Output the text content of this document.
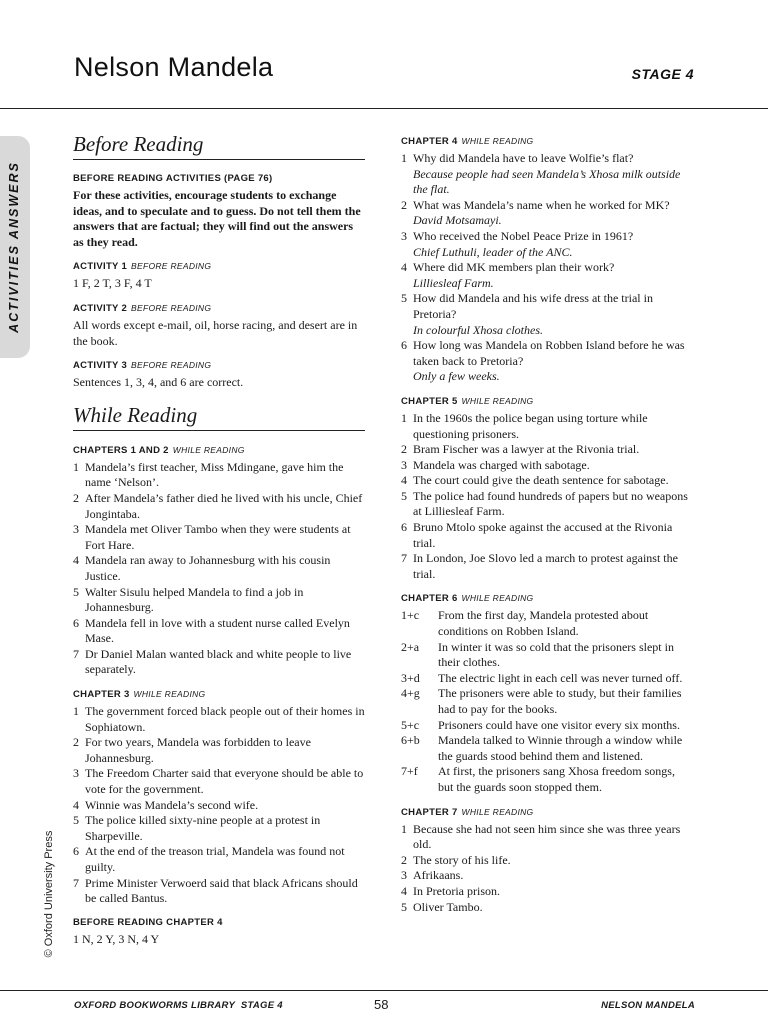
Nelson Mandela	STAGE 4
ACTIVITIES ANSWERS
© Oxford University Press
Before Reading
BEFORE READING ACTIVITIES (PAGE 76)

For these activities, encourage students to exchange ideas, and to speculate and to guess. Do not tell them the answers that are factual; they will find out the answers as they read.

ACTIVITY 1 BEFORE READING

1 F, 2 T, 3 F, 4 T

ACTIVITY 2 BEFORE READING

All words except e-mail, oil, horse racing, and desert are in the book.

ACTIVITY 3 BEFORE READING

Sentences 1, 3, 4, and 6 are correct.

While Reading
CHAPTERS 1 AND 2 WHILE READING
1 Mandela’s first teacher, Miss Mdingane, gave him the name ‘Nelson’.
2 After Mandela’s father died he lived with his uncle, Chief Jongintaba.
3 Mandela met Oliver Tambo when they were students at Fort Hare.
4 Mandela ran away to Johannesburg with his cousin Justice.
5 Walter Sisulu helped Mandela to find a job in Johannesburg.
6 Mandela fell in love with a student nurse called Evelyn Mase.
7 Dr Daniel Malan wanted black and white people to live separately.
CHAPTER 3 WHILE READING
1 The government forced black people out of their homes in Sophiatown.
2 For two years, Mandela was forbidden to leave Johannesburg.
3 The Freedom Charter said that everyone should be able to vote for the government.
4 Winnie was Mandela’s second wife.
5 The police killed sixty-nine people at a protest in Sharpeville.
6 At the end of the treason trial, Mandela was found not guilty.
7 Prime Minister Verwoerd said that black Africans should be called Bantus.
BEFORE READING CHAPTER 4

1 N, 2 Y, 3 N, 4 Y

CHAPTER 4 WHILE READING
1 Why did Mandela have to leave Wolfie’s flat?
Because people had seen Mandela’s Xhosa milk outside the flat.
2 What was Mandela’s name when he worked for MK?
David Motsamayi.
3 Who received the Nobel Peace Prize in 1961?
Chief Luthuli, leader of the ANC.
4 Where did MK members plan their work?
Lilliesleaf Farm.
5 How did Mandela and his wife dress at the trial in Pretoria?
In colourful Xhosa clothes.
6 How long was Mandela on Robben Island before he was taken back to Pretoria?
Only a few weeks.
CHAPTER 5 WHILE READING
1 In the 1960s the police began using torture while questioning prisoners.
2 Bram Fischer was a lawyer at the Rivonia trial.
3 Mandela was charged with sabotage.
4 The court could give the death sentence for sabotage.
5 The police had found hundreds of papers but no weapons at Lilliesleaf Farm.
6 Bruno Mtolo spoke against the accused at the Rivonia trial.
7 In London, Joe Slovo led a march to protest against the trial.
CHAPTER 6 WHILE READING
1+c From the first day, Mandela protested about conditions on Robben Island.
2+a In winter it was so cold that the prisoners slept in their clothes.
3+d The electric light in each cell was never turned off.
4+g The prisoners were able to study, but their families had to pay for the books.
5+c Prisoners could have one visitor every six months.
6+b Mandela talked to Winnie through a window while the guards stood behind them and listened.
7+f At first, the prisoners sang Xhosa freedom songs, but the guards soon stopped them.
CHAPTER 7 WHILE READING
1 Because she had not seen him since she was three years old.
2 The story of his life.
3 Afrikaans.
4 In Pretoria prison.
5 Oliver Tambo.
OXFORD BOOKWORMS LIBRARY  STAGE 4	58	NELSON MANDELA
